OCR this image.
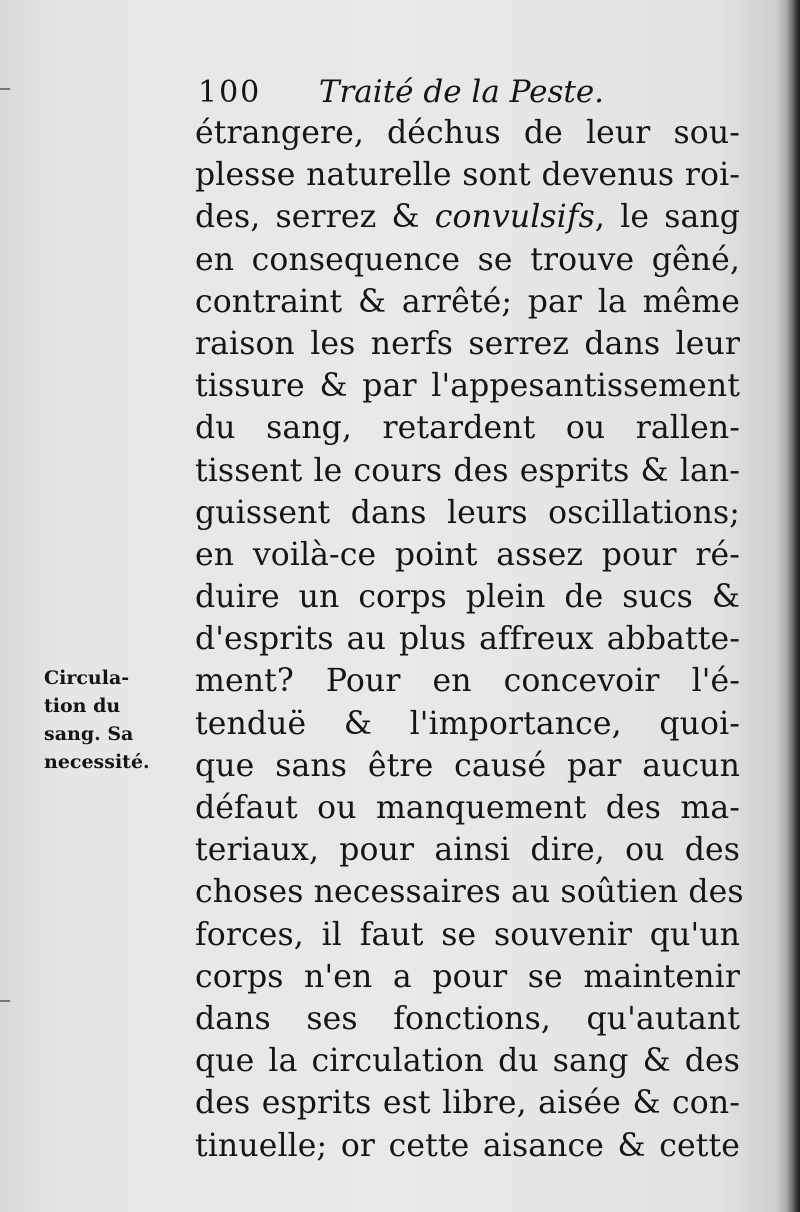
100 Traité de la Peste.
Circula-
tion du
sang. Sa
necessité.
étrangere, déchus de leur sou-
plesse naturelle sont devenus roi-
des, serrez & convulsifs, le sang
en consequence se trouve gêné,
contraint & arrêté; par la même
raison les nerfs serrez dans leur
tissure & par l'appesantissement
du sang, retardent ou rallen-
tissent le cours des esprits & lan-
guissent dans leurs oscillations;
en voilà-ce point assez pour ré-
duire un corps plein de sucs &
d'esprits au plus affreux abbatte-
ment? Pour en concevoir l'é-
tenduë & l'importance, quoi-
que sans être causé par aucun
défaut ou manquement des ma-
teriaux, pour ainsi dire, ou des
choses necessaires au soûtien des
forces, il faut se souvenir qu'un
corps n'en a pour se maintenir
dans ses fonctions, qu'autant
que la circulation du sang & des
des esprits est libre, aisée & con-
tinuelle; or cette aisance & cette
